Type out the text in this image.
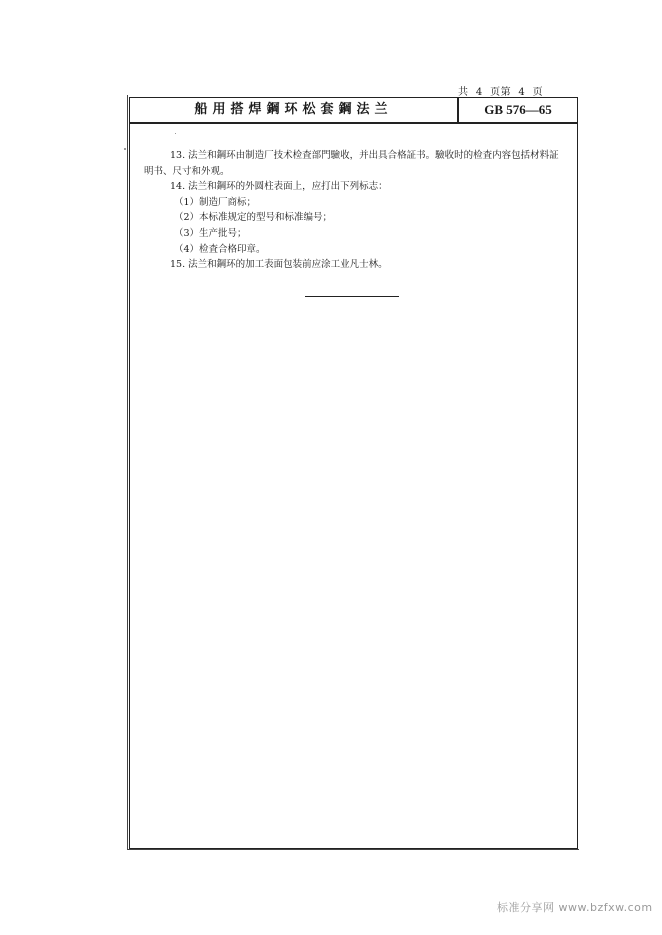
共  4  页第  4  页
船用搭焊鋼环松套鋼法兰	GB 576—65

13. 法兰和鋼环由制造厂技术检査部門驗收，并出具合格証书。驗收时的检査内容包括材料証

明书、尺寸和外观。

14. 法兰和鋼环的外圆柱表面上，应打出下列标志：

（1）制造厂商标；

（2）本标准规定的型号和标准编号；

（3）生产批号；

（4）检査合格印章。

15. 法兰和鋼环的加工表面包装前应涂工业凡士林。

标准分享网 www.bzfxw.com
